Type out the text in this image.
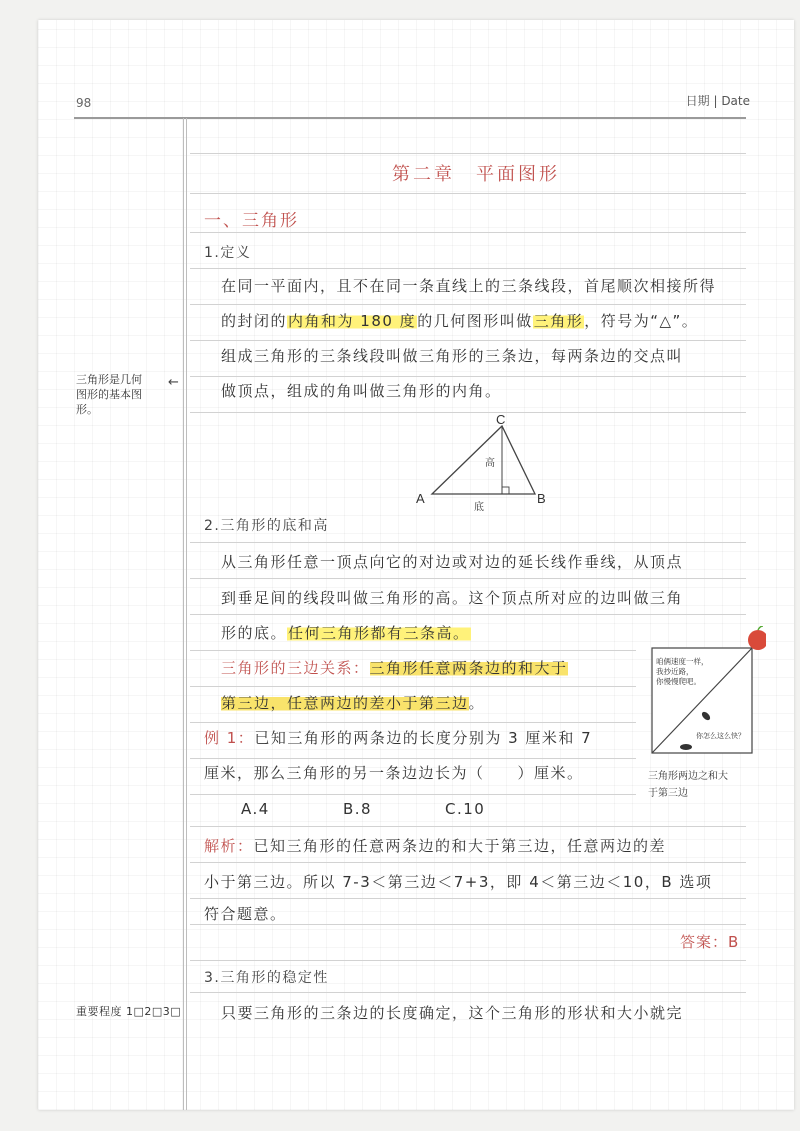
98	日期 | Date
第二章　平面图形
一、三角形
1.定义
在同一平面内，且不在同一条直线上的三条线段，首尾顺次相接所得
的封闭的内角和为 180 度的几何图形叫做三角形，符号为“△”。
组成三角形的三条线段叫做三角形的三条边，每两条边的交点叫
做顶点，组成的角叫做三角形的内角。
三角形是几何
图形的基本图
形。
←
C
A	B
高
底
2.三角形的底和高
从三角形任意一顶点向它的对边或对边的延长线作垂线，从顶点
到垂足间的线段叫做三角形的高。这个顶点所对应的边叫做三角
形的底。任何三角形都有三条高。
三角形的三边关系：三角形任意两条边的和大于
第三边，任意两边的差小于第三边。
例 1：已知三角形的两条边的长度分别为 3 厘米和 7
厘米，那么三角形的另一条边边长为（　　）厘米。
A.4	B.8	C.10
咱俩速度一样，
我抄近路，
你慢慢爬吧。
你怎么这么快？
三角形两边之和大
于第三边
解析：已知三角形的任意两条边的和大于第三边，任意两边的差
小于第三边。所以 7-3＜第三边＜7+3，即 4＜第三边＜10，B 选项
符合题意。
答案：B
3.三角形的稳定性
只要三角形的三条边的长度确定，这个三角形的形状和大小就完
重要程度 1□2□3□
